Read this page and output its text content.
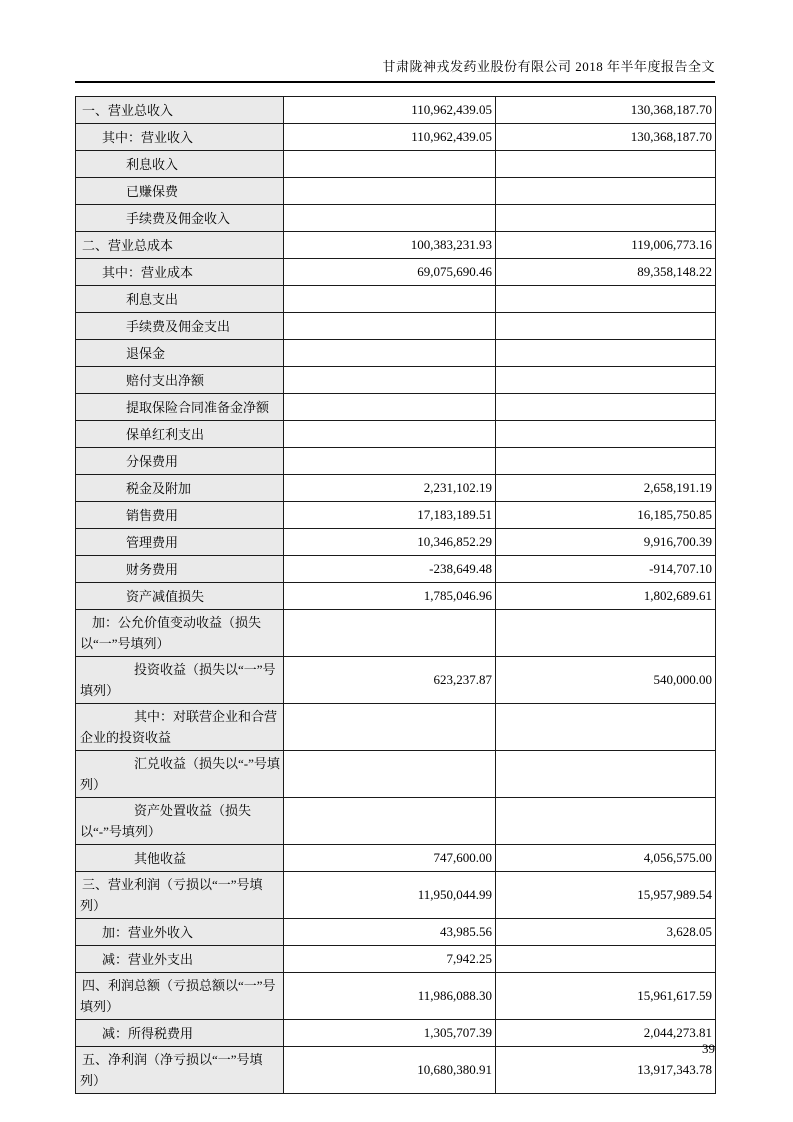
甘肃陇神戎发药业股份有限公司 2018 年半年度报告全文
一、营业总收入	110,962,439.05	130,368,187.70
其中：营业收入	110,962,439.05	130,368,187.70
利息收入		
已赚保费		
手续费及佣金收入		
二、营业总成本	100,383,231.93	119,006,773.16
其中：营业成本	69,075,690.46	89,358,148.22
利息支出		
手续费及佣金支出		
退保金		
赔付支出净额		
提取保险合同准备金净额		
保单红利支出		
分保费用		
税金及附加	2,231,102.19	2,658,191.19
销售费用	17,183,189.51	16,185,750.85
管理费用	10,346,852.29	9,916,700.39
财务费用	-238,649.48	-914,707.10
资产减值损失	1,785,046.96	1,802,689.61
加：公允价值变动收益（损失以“一”号填列）		
投资收益（损失以“一”号填列）	623,237.87	540,000.00
其中：对联营企业和合营企业的投资收益		
汇兑收益（损失以“-”号填列）		
资产处置收益（损失以“-”号填列）		
其他收益	747,600.00	4,056,575.00
三、营业利润（亏损以“一”号填列）	11,950,044.99	15,957,989.54
加：营业外收入	43,985.56	3,628.05
减：营业外支出	7,942.25	
四、利润总额（亏损总额以“一”号填列）	11,986,088.30	15,961,617.59
减：所得税费用	1,305,707.39	2,044,273.81
五、净利润（净亏损以“一”号填列）	10,680,380.91	13,917,343.78
39
